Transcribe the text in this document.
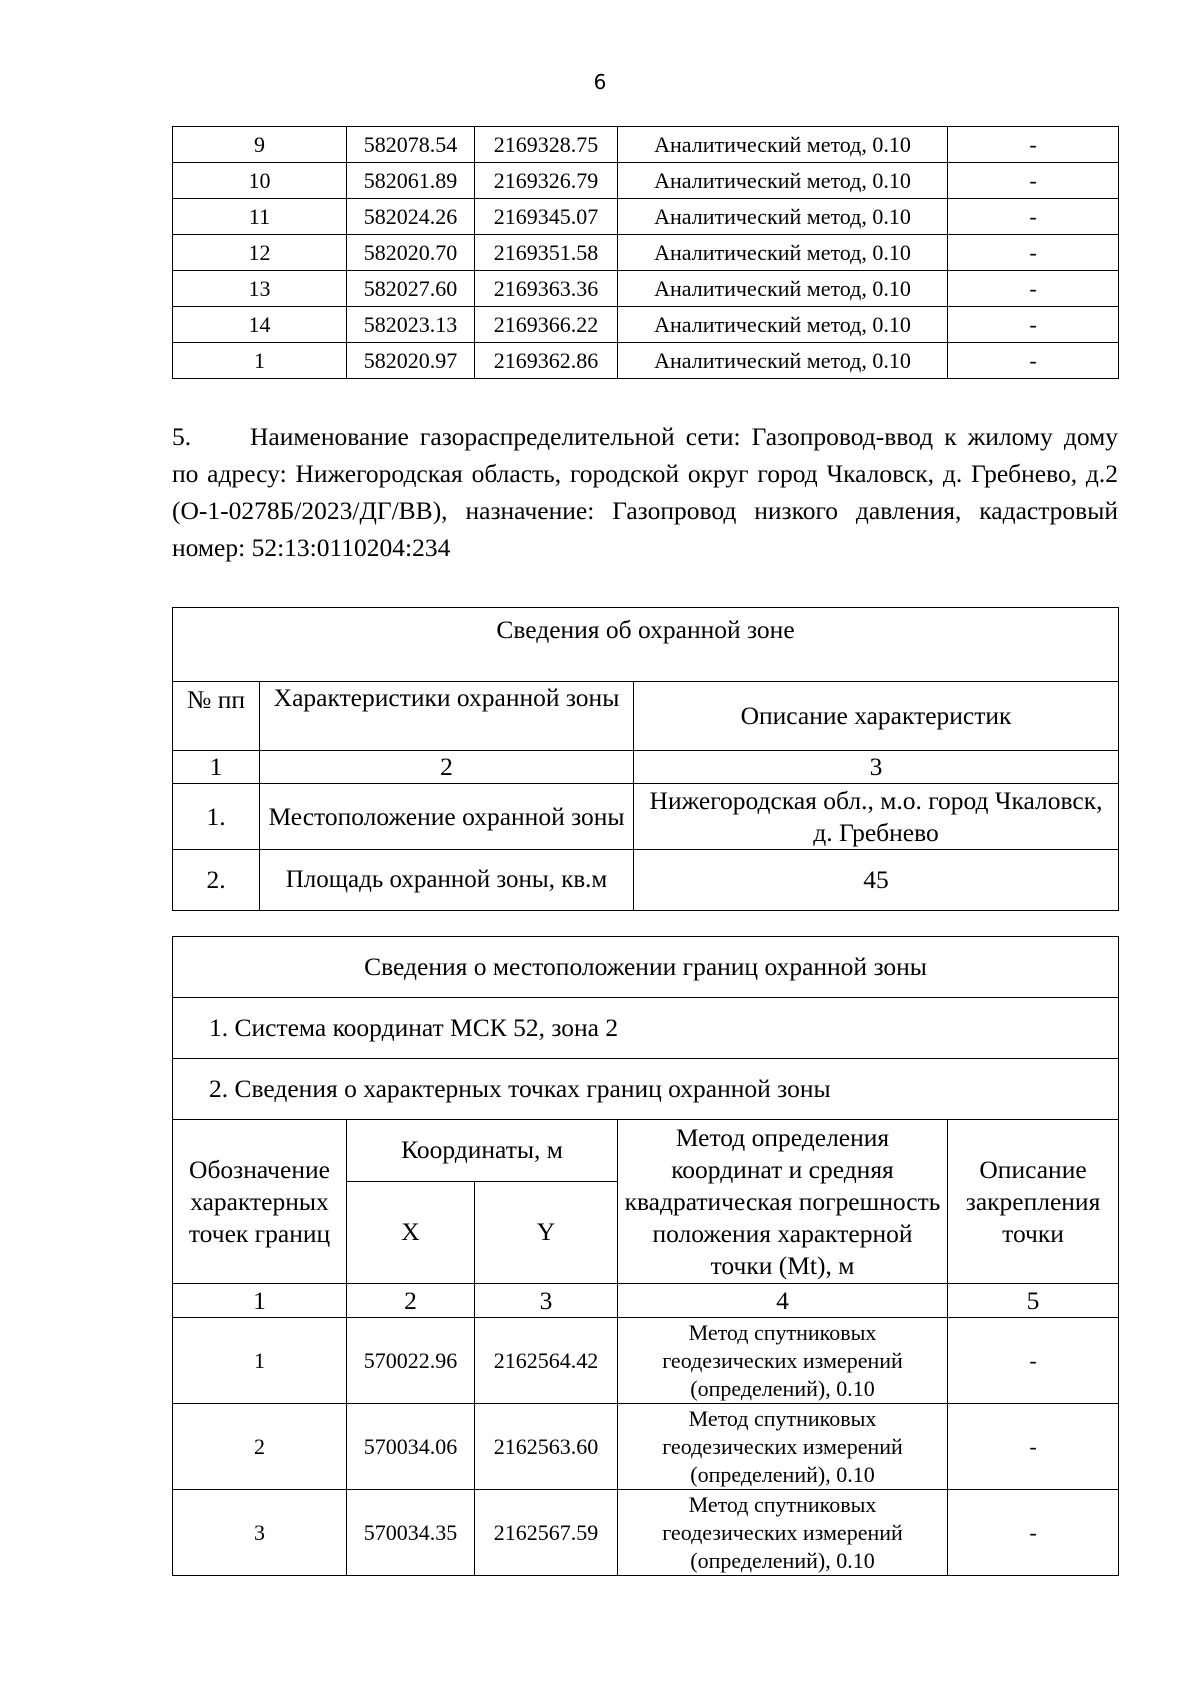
6
9	582078.54	2169328.75	Аналитический метод, 0.10	-
10	582061.89	2169326.79	Аналитический метод, 0.10	-
11	582024.26	2169345.07	Аналитический метод, 0.10	-
12	582020.70	2169351.58	Аналитический метод, 0.10	-
13	582027.60	2169363.36	Аналитический метод, 0.10	-
14	582023.13	2169366.22	Аналитический метод, 0.10	-
1	582020.97	2169362.86	Аналитический метод, 0.10	-

5. Наименование газораспределительной сети: Газопровод-ввод к жилому дому по адресу: Нижегородская область, городской округ город Чкаловск, д. Гребнево, д.2 (О-1-0278Б/2023/ДГ/ВВ), назначение: Газопровод низкого давления, кадастровый номер: 52:13:0110204:234

Сведения об охранной зоне		
№ пп	Характеристики охранной зоны	Описание характеристик
1	2	3
1.	Местоположение охранной зоны	Нижегородская обл., м.о. город Чкаловск, д. Гребнево
2.	Площадь охранной зоны, кв.м	45
Сведения о местоположении границ охранной зоны				
1. Система координат МСК 52, зона 2				
2. Сведения о характерных точках границ охранной зоны				
Обозначение характерных точек границ	Координаты, м		Метод определения координат и средняя квадратическая погрешность положения характерной точки (Mt), м	Описание закрепления точки
	X	Y		
1	2	3	4	5
1	570022.96	2162564.42	Метод спутниковых геодезических измерений (определений), 0.10	-
2	570034.06	2162563.60	Метод спутниковых геодезических измерений (определений), 0.10	-
3	570034.35	2162567.59	Метод спутниковых геодезических измерений (определений), 0.10	-
